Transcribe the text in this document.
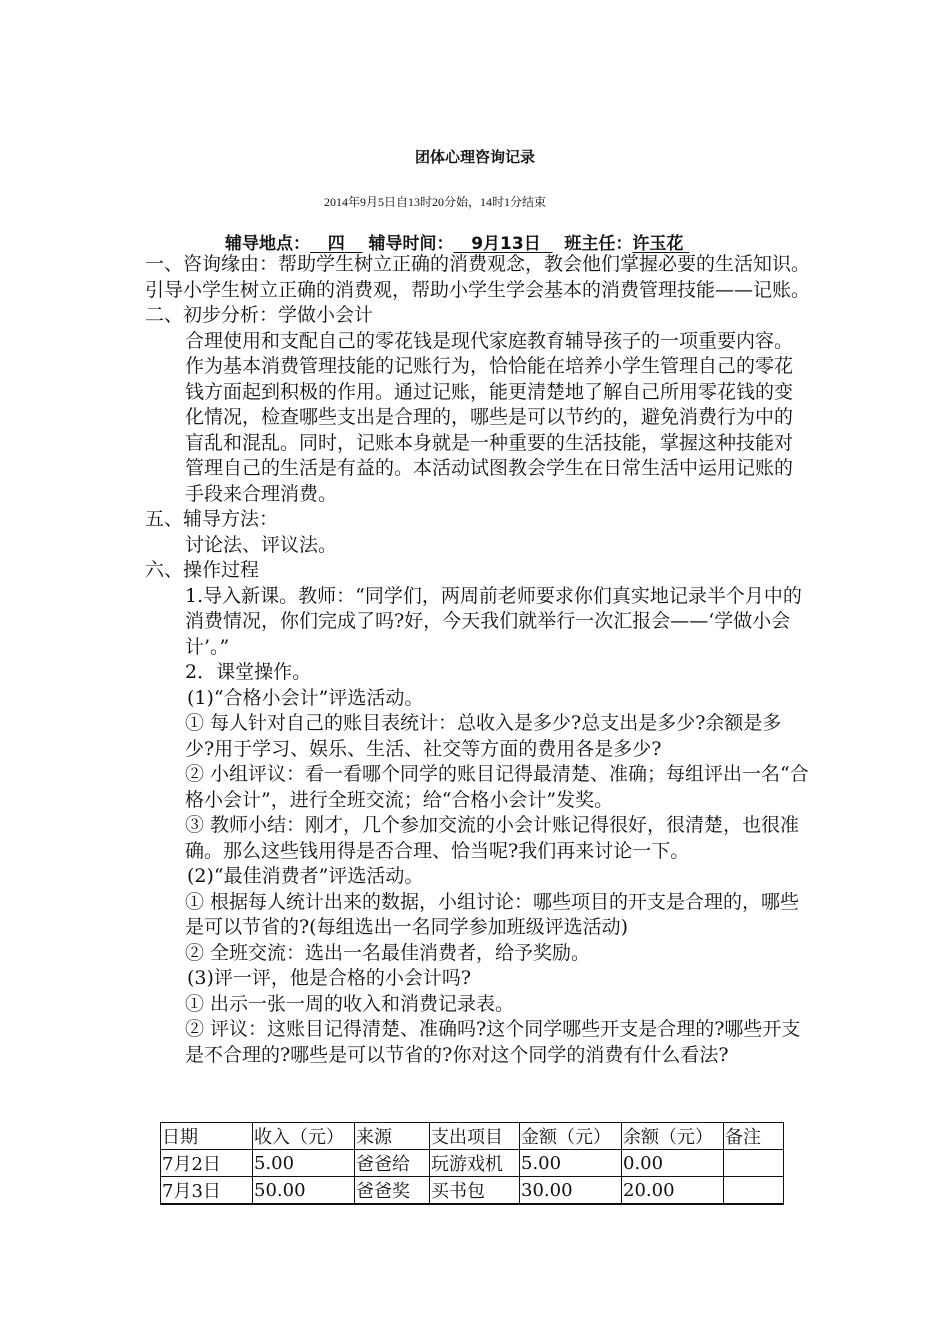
团体心理咨询记录
2014年9月5日自13时20分始，14时1分结束
辅导地点： 四 辅导时间： 9月13日 班主任：许玉花

一、咨询缘由：帮助学生树立正确的消费观念，教会他们掌握必要的生活知识。引导小学生树立正确的消费观，帮助小学生学会基本的消费管理技能——记账。

二、初步分析：学做小会计

合理使用和支配自己的零花钱是现代家庭教育辅导孩子的一项重要内容。作为基本消费管理技能的记账行为，恰恰能在培养小学生管理自己的零花钱方面起到积极的作用。通过记账，能更清楚地了解自己所用零花钱的变化情况，检查哪些支出是合理的，哪些是可以节约的，避免消费行为中的盲乱和混乱。同时，记账本身就是一种重要的生活技能，掌握这种技能对管理自己的生活是有益的。本活动试图教会学生在日常生活中运用记账的手段来合理消费。

五、辅导方法：

讨论法、评议法。

六、操作过程

1.导入新课。教师：“同学们，两周前老师要求你们真实地记录半个月中的消费情况，你们完成了吗?好，今天我们就举行一次汇报会——‘学做小会计’。”

2．课堂操作。

(1)“合格小会计”评选活动。

① 每人针对自己的账目表统计：总收入是多少?总支出是多少?余额是多少?用于学习、娱乐、生活、社交等方面的费用各是多少?

② 小组评议：看一看哪个同学的账目记得最清楚、准确；每组评出一名“合格小会计”，进行全班交流；给“合格小会计”发奖。

③ 教师小结：刚才，几个参加交流的小会计账记得很好，很清楚，也很准确。那么这些钱用得是否合理、恰当呢?我们再来讨论一下。

(2)“最佳消费者”评选活动。

① 根据每人统计出来的数据，小组讨论：哪些项目的开支是合理的，哪些是可以节省的?(每组选出一名同学参加班级评选活动)

② 全班交流：选出一名最佳消费者，给予奖励。

(3)评一评，他是合格的小会计吗?

① 出示一张一周的收入和消费记录表。

② 评议：这账目记得清楚、准确吗?这个同学哪些开支是合理的?哪些开支是不合理的?哪些是可以节省的?你对这个同学的消费有什么看法?

日期	收入（元）	来源	支出项目	金额（元）	余额（元）	备注
7月2日	5.00	爸爸给	玩游戏机	5.00	0.00	
7月3日	50.00	爸爸奖	买书包	30.00	20.00	
